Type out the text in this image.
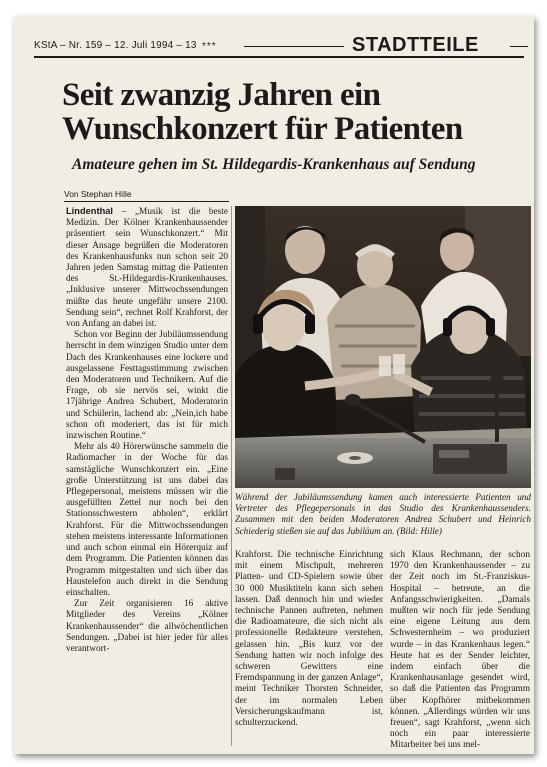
KStA – Nr. 159 – 12. Juli 1994 – 13 ***	STADTTEILE
Seit zwanzig Jahren ein
Wunschkonzert für Patienten
Amateure gehen im St. Hildegardis-Krankenhaus auf Sendung
Von Stephan Hille

Lindenthal – „Musik ist die beste Medizin. Der Kölner Krankenhaussender präsentiert sein Wunschkonzert.“ Mit dieser Ansage begrüßen die Moderatoren des Krankenhausfunks nun schon seit 20 Jahren jeden Samstag mittag die Patienten des St.-Hildegardis-Krankenhauses. „Inklusive unserer Mittwochssendungen müßte das heute ungefähr unsere 2100. Sendung sein“, rechnet Rolf Krahforst, der von Anfang an dabei ist.

Schon vor Beginn der Jubiläumssendung herrscht in dem winzigen Studio unter dem Dach des Krankenhauses eine lockere und ausgelassene Festtagsstimmung zwischen den Moderatoren und Technikern. Auf die Frage, ob sie nervös sei, winkt die 17jährige Andrea Schubert, Moderatorin und Schülerin, lachend ab: „Nein,ich habe schon oft moderiert, das ist für mich inzwischen Routine.“

Mehr als 40 Hörerwünsche sammeln die Radiomacher in der Woche für das samstägliche Wunschkonzert ein. „Eine große Unterstützung ist uns dabei das Pflegepersonal, meistens müssen wir die ausgefüllten Zettel nur noch bei den Stationsschwestern abholen“, erklärt Krahforst. Für die Mittwochssendungen stehen meistens interessante Informationen und auch schon einmal ein Hörerquiz auf dem Programm. Die Patienten können das Programm mitgestalten und sich über das Haustelefon auch direkt in die Sendung einschalten.

Zur Zeit organisieren 16 aktive Mitglieder des Vereins „Kölner Krankenhaussender“ die allwöchentlichen Sendungen. „Dabei ist hier jeder für alles verantwort-

Während der Jubiläumssendung kamen auch interessierte Patienten und Vertreter des Pflegepersonals in das Studio des Krankenhaussenders. Zusammen mit den beiden Moderatoren Andrea Schubert und Heinrich Schiederig stießen sie auf das Jubiläum an. (Bild: Hille)

Krahforst. Die technische Einrichtung mit einem Mischpult, mehreren Platten- und CD-Spielern sowie über 30 000 Musiktiteln kann sich sehen lassen. Daß dennoch hin und wieder technische Pannen auftreten, nehmen die Radioamateure, die sich nicht als professionelle Redakteure verstehen, gelassen hin. „Bis kurz vor der Sendung hatten wir noch infolge des schweren Gewitters eine Fremdspannung in der ganzen Anlage“, meint Techniker Thorsten Schneider, der im normalen Leben Versicherungskaufmann ist, schulterzuckend.

sich Klaus Rechmann, der schon 1970 den Krankenhaussender – zu der Zeit noch im St.-Franziskus-Hospital – betreute, an die Anfangsschwierigkeiten. „Damals mußten wir noch für jede Sendung eine eigene Leitung aus dem Schwesternheim – wo produziert wurde – in das Krankenhaus legen.“ Heute hat es der Sender leichter, indem einfach über die Krankenhausanlage gesendet wird, so daß die Patienten das Programm über Kopfhörer mitbekommen können. „Allerdings würden wir uns freuen“, sagt Krahforst, „wenn sich noch ein paar interessierte Mitarbeiter bei uns mel-
